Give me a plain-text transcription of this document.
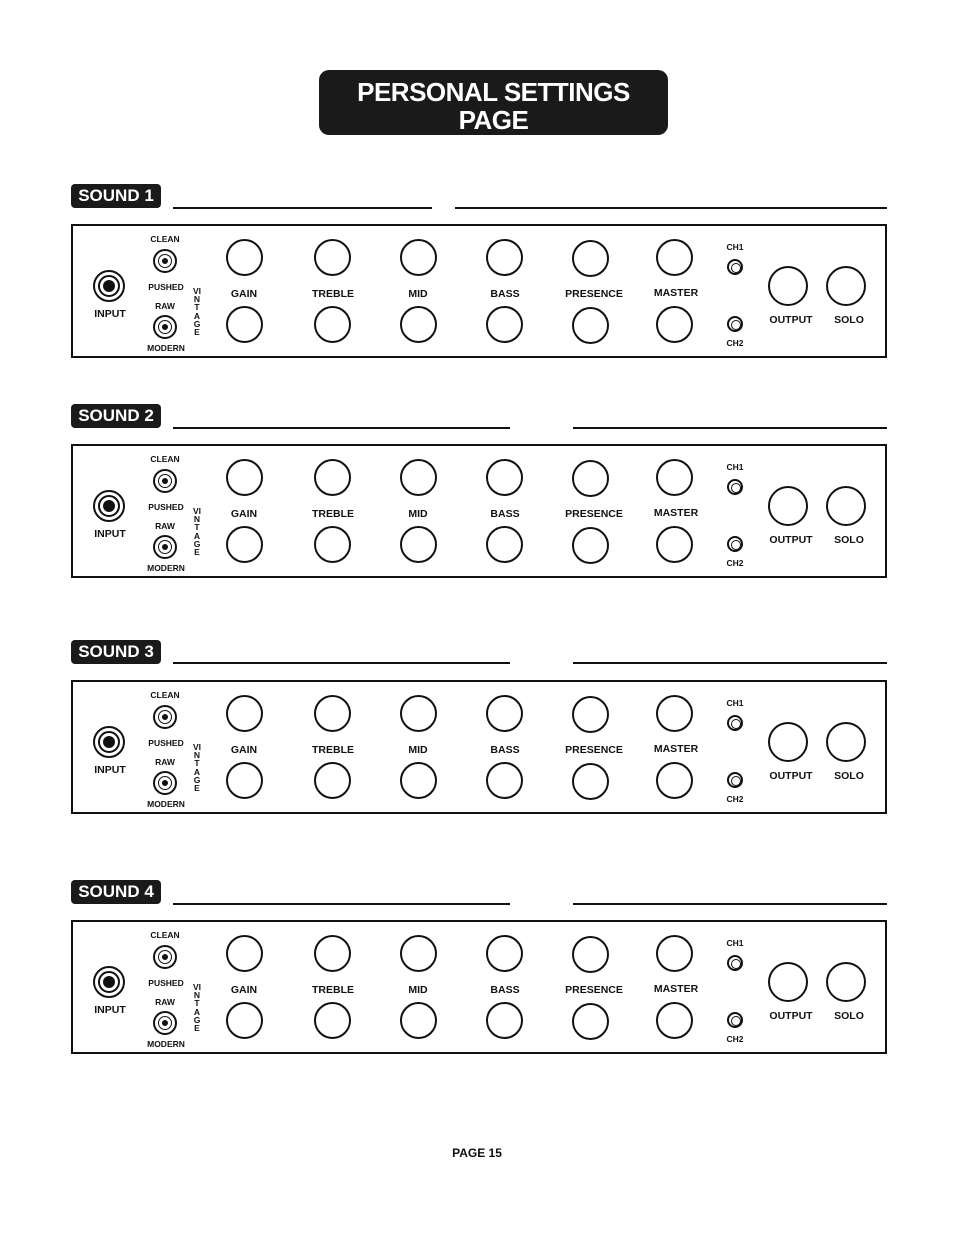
PERSONAL SETTINGS PAGE
COMBO VERSION SHOWN
SOUND 1
INPUT
CLEAN
PUSHED
RAW
MODERN
VINTAGE
GAIN	TREBLE	MID	BASS	PRESENCE	MASTER
CH1
CH2
OUTPUT SOLO
SOUND 2
INPUT
CLEAN
PUSHED
RAW
MODERN
VINTAGE
GAIN	TREBLE	MID	BASS	PRESENCE	MASTER
CH1
CH2
OUTPUT SOLO
SOUND 3
INPUT
CLEAN
PUSHED
RAW
MODERN
VINTAGE
GAIN	TREBLE	MID	BASS	PRESENCE	MASTER
CH1
CH2
OUTPUT SOLO
SOUND 4
INPUT
CLEAN
PUSHED
RAW
MODERN
VINTAGE
GAIN	TREBLE	MID	BASS	PRESENCE	MASTER
CH1
CH2
OUTPUT SOLO
PAGE 15
